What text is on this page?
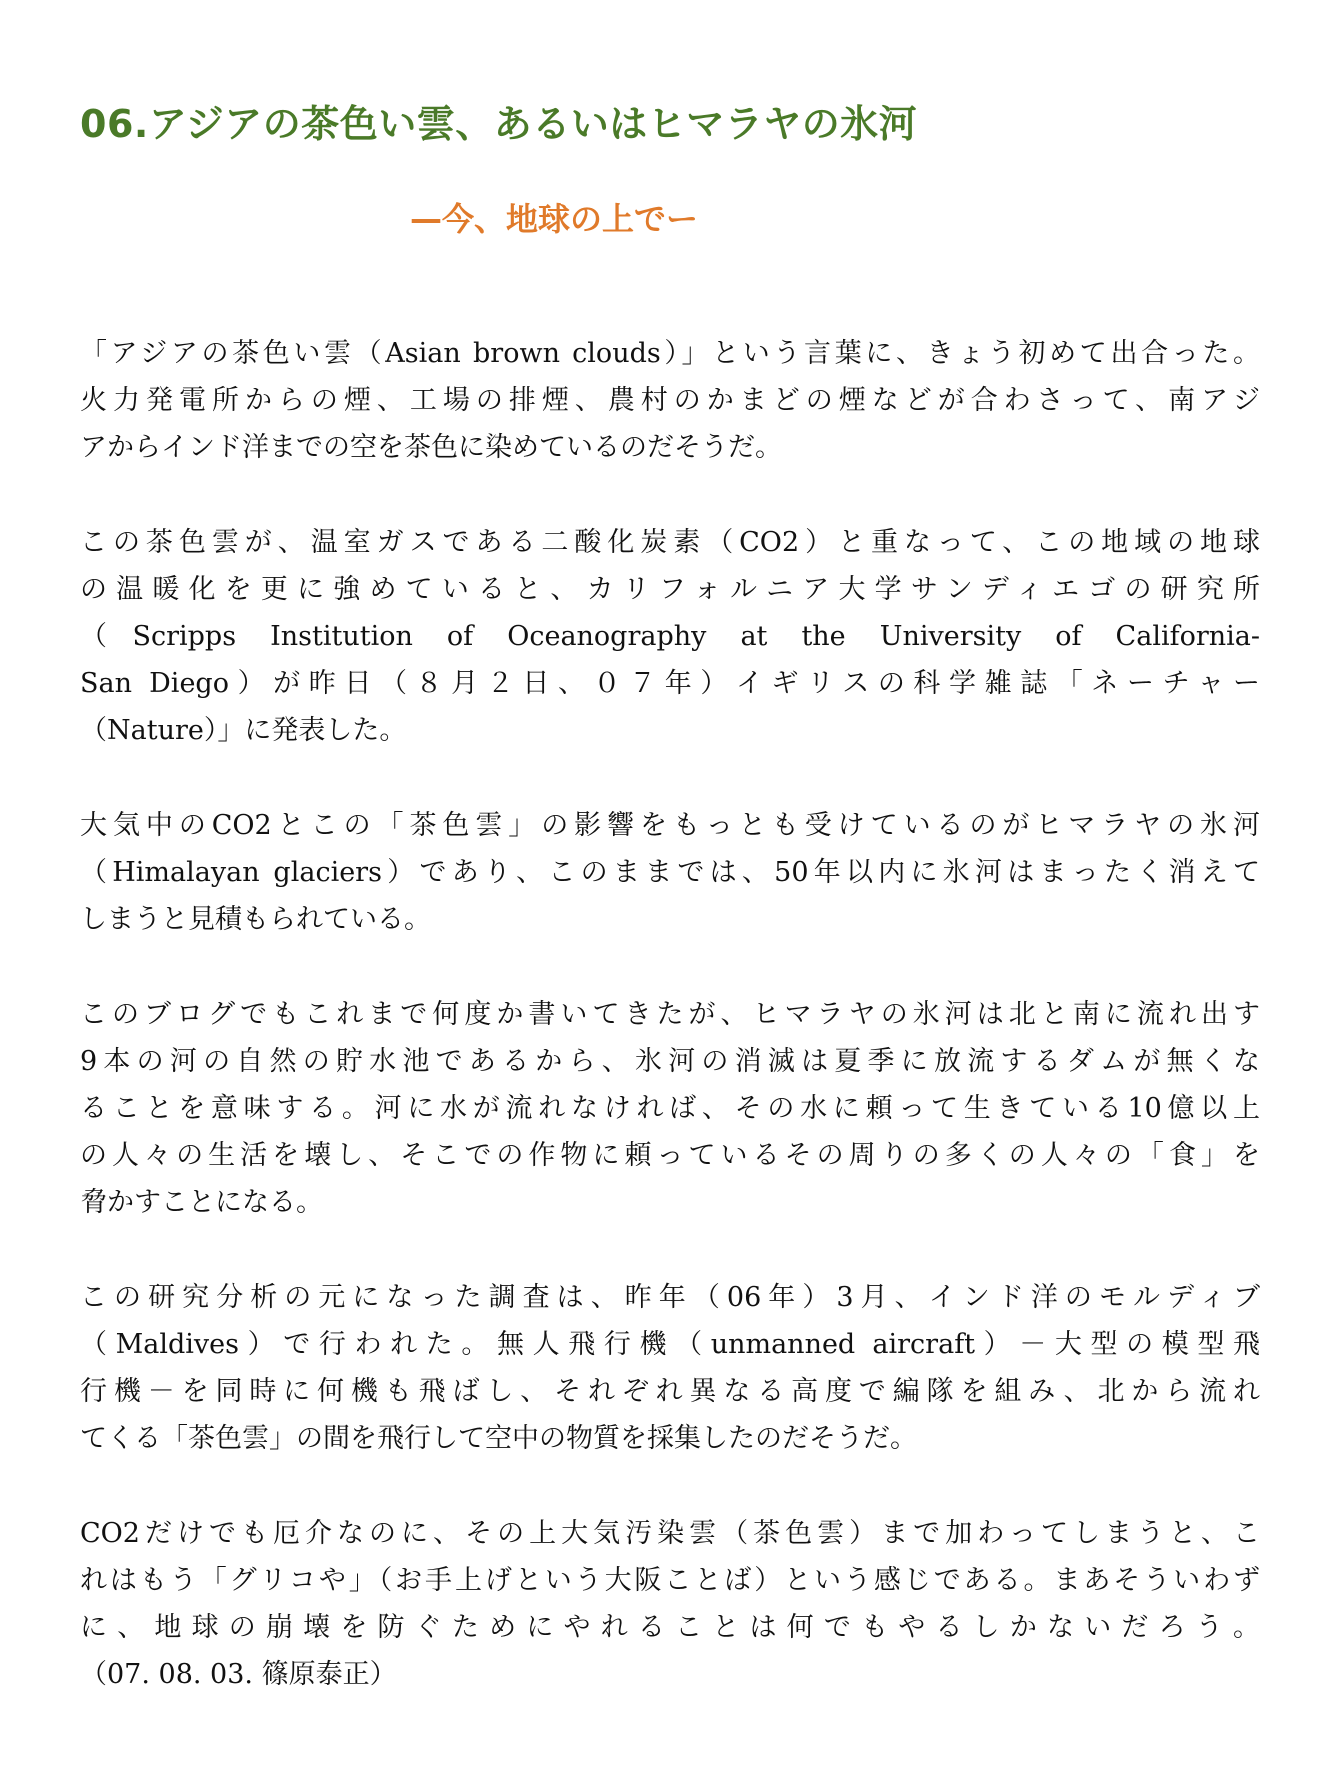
06.アジアの茶色い雲、あるいはヒマラヤの氷河
—今、地球の上でー
「アジアの茶色い雲（Asian brown clouds）」という言葉に、きょう初めて出合った。
火力発電所からの煙、工場の排煙、農村のかまどの煙などが合わさって、南アジ
アからインド洋までの空を茶色に染めているのだそうだ。
この茶色雲が、温室ガスである二酸化炭素（CO2）と重なって、この地域の地球
の温暖化を更に強めていると、カリフォルニア大学サンディエゴの研究所
（Scripps Institution of Oceanography at the University of California-
San Diego）が昨日（８月２日、０７年）イギリスの科学雑誌「ネーチャー
（Nature）」に発表した。
大気中のCO2とこの「茶色雲」の影響をもっとも受けているのがヒマラヤの氷河
（Himalayan glaciers）であり、このままでは、50年以内に氷河はまったく消えて
しまうと見積もられている。
このブログでもこれまで何度か書いてきたが、ヒマラヤの氷河は北と南に流れ出す
9本の河の自然の貯水池であるから、氷河の消滅は夏季に放流するダムが無くな
ることを意味する。河に水が流れなければ、その水に頼って生きている10億以上
の人々の生活を壊し、そこでの作物に頼っているその周りの多くの人々の「食」を
脅かすことになる。
この研究分析の元になった調査は、昨年（06年）3月、インド洋のモルディブ
（Maldives）で行われた。無人飛行機（unmanned aircraft）－大型の模型飛
行機－を同時に何機も飛ばし、それぞれ異なる高度で編隊を組み、北から流れ
てくる「茶色雲」の間を飛行して空中の物質を採集したのだそうだ。
CO2だけでも厄介なのに、その上大気汚染雲（茶色雲）まで加わってしまうと、こ
れはもう「グリコや」（お手上げという大阪ことば）という感じである。まあそういわず
に、地球の崩壊を防ぐためにやれることは何でもやるしかないだろう。
（07. 08. 03. 篠原泰正）
